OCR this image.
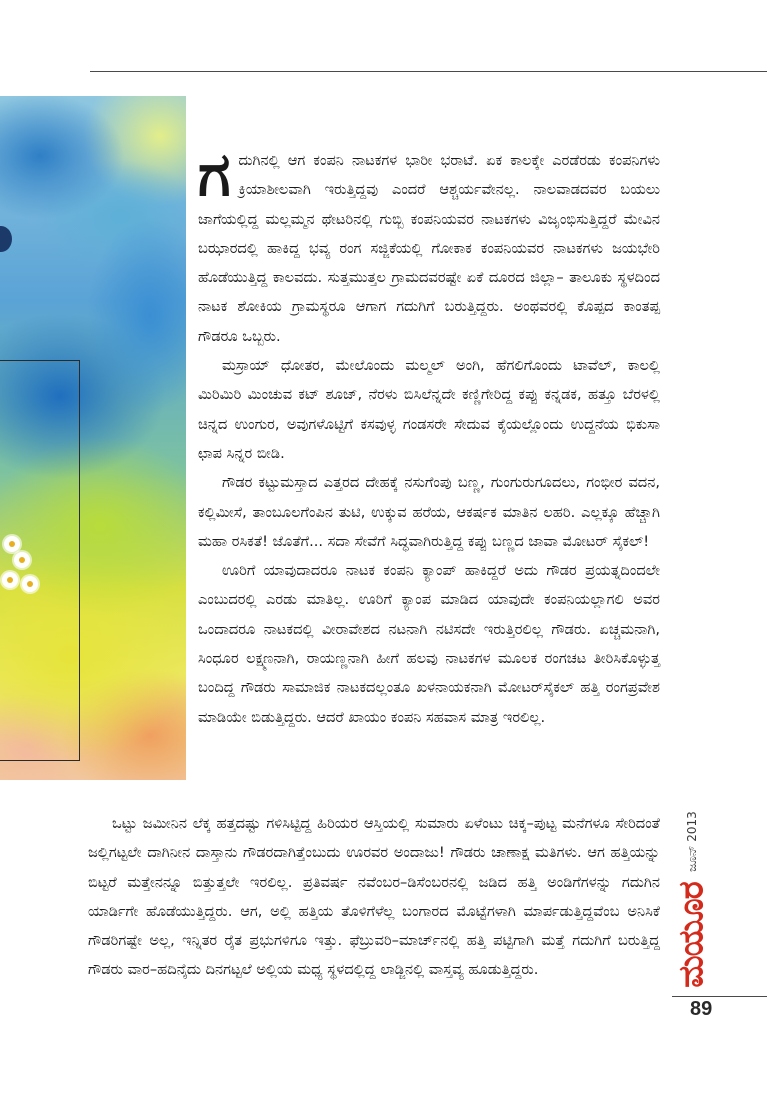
ಗದುಗಿನಲ್ಲಿ ಆಗ ಕಂಪನಿ ನಾಟಕಗಳ ಭಾರೀ ಭರಾಟೆ. ಏಕ ಕಾಲಕ್ಕೇ ಎರಡೆರಡು ಕಂಪನಿಗಳು ಕ್ರಿಯಾಶೀಲವಾಗಿ ಇರುತ್ತಿದ್ದವು ಎಂದರೆ ಆಶ್ಚರ್ಯವೇನಲ್ಲ. ನಾಲವಾಡದವರ ಬಯಲು ಜಾಗೆಯಲ್ಲಿದ್ದ ಮಲ್ಲಮ್ಮನ ಥೇಟರಿನಲ್ಲಿ ಗುಬ್ಬಿ ಕಂಪನಿಯವರ ನಾಟಕಗಳು ವಿಜೃಂಭಿಸುತ್ತಿದ್ದರೆ ಮೇವಿನ ಬಝಾರದಲ್ಲಿ ಹಾಕಿದ್ದ ಭವ್ಯ ರಂಗ ಸಜ್ಜಿಕೆಯಲ್ಲಿ ಗೋಕಾಕ ಕಂಪನಿಯವರ ನಾಟಕಗಳು ಜಯಭೇರಿ ಹೊಡೆಯುತ್ತಿದ್ದ ಕಾಲವದು. ಸುತ್ತಮುತ್ತಲ ಗ್ರಾಮದವರಷ್ಟೇ ಏಕೆ ದೂರದ ಜಿಲ್ಲಾ– ತಾಲೂಕು ಸ್ಥಳದಿಂದ ನಾಟಕ ಶೋಕಿಯ ಗ್ರಾಮಸ್ಥರೂ ಆಗಾಗ ಗದುಗಿಗೆ ಬರುತ್ತಿದ್ದರು. ಅಂಥವರಲ್ಲಿ ಕೊಪ್ಪದ ಕಾಂತಪ್ಪ ಗೌಡರೂ ಒಬ್ಬರು.

ಮಸ್ರಾಯ್ ಧೋತರ, ಮೇಲೊಂದು ಮಲ್ಮಲ್ ಅಂಗಿ, ಹೆಗಲಿಗೊಂದು ಟಾವೆಲ್, ಕಾಲಲ್ಲಿ ಮಿರಿಮಿರಿ ಮಿಂಚುವ ಕಟ್ ಶೂಜ್, ನೆರಳು ಬಿಸಿಲೆನ್ನದೇ ಕಣ್ಣಿಗೇರಿದ್ದ ಕಪ್ಪು ಕನ್ನಡಕ, ಹತ್ತೂ ಬೆರಳಲ್ಲಿ ಚಿನ್ನದ ಉಂಗುರ, ಅವುಗಳೊಟ್ಟಿಗೆ ಕಸವುಳ್ಳ ಗಂಡಸರೇ ಸೇದುವ ಕೈಯಲ್ಲೊಂದು ಉದ್ದನೆಯ ಭಿಕುಸಾ ಛಾಪ ಸಿನ್ನರ ಬೀಡಿ.

ಗೌಡರ ಕಟ್ಟುಮಸ್ತಾದ ಎತ್ತರದ ದೇಹಕ್ಕೆ ನಸುಗೆಂಪು ಬಣ್ಣ, ಗುಂಗುರುಗೂದಲು, ಗಂಭೀರ ವದನ, ಕಲ್ಲಿಮೀಸೆ, ತಾಂಬೂಲಗೆಂಪಿನ ತುಟಿ, ಉಕ್ಕುವ ಹರೆಯ, ಆಕರ್ಷಕ ಮಾತಿನ ಲಹರಿ. ಎಲ್ಲಕ್ಕೂ ಹೆಚ್ಚಾಗಿ ಮಹಾ ರಸಿಕತೆ! ಜೊತೆಗೆ... ಸದಾ ಸೇವೆಗೆ ಸಿದ್ಧವಾಗಿರುತ್ತಿದ್ದ ಕಪ್ಪು ಬಣ್ಣದ ಜಾವಾ ಮೋಟರ್ ಸೈಕಲ್!

ಊರಿಗೆ ಯಾವುದಾದರೂ ನಾಟಕ ಕಂಪನಿ ಕ್ಯಾಂಪ್ ಹಾಕಿದ್ದರೆ ಅದು ಗೌಡರ ಪ್ರಯತ್ನದಿಂದಲೇ ಎಂಬುದರಲ್ಲಿ ಎರಡು ಮಾತಿಲ್ಲ. ಊರಿಗೆ ಕ್ಯಾಂಪ ಮಾಡಿದ ಯಾವುದೇ ಕಂಪನಿಯಲ್ಲಾಗಲಿ ಅವರ ಒಂದಾದರೂ ನಾಟಕದಲ್ಲಿ ವೀರಾವೇಶದ ನಟನಾಗಿ ನಟಿಸದೇ ಇರುತ್ತಿರಲಿಲ್ಲ ಗೌಡರು. ಏಚ್ಚಮನಾಗಿ, ಸಿಂಧೂರ ಲಕ್ಷ್ಮಣನಾಗಿ, ರಾಯಣ್ಣನಾಗಿ ಹೀಗೆ ಹಲವು ನಾಟಕಗಳ ಮೂಲಕ ರಂಗಚಟ ತೀರಿಸಿಕೊಳ್ಳುತ್ತ ಬಂದಿದ್ದ ಗೌಡರು ಸಾಮಾಜಿಕ ನಾಟಕದಲ್ಲಂತೂ ಖಳನಾಯಕನಾಗಿ ಮೋಟರ್‌ಸೈಕಲ್ ಹತ್ತಿ ರಂಗಪ್ರವೇಶ ಮಾಡಿಯೇ ಬಿಡುತ್ತಿದ್ದರು. ಆದರೆ ಖಾಯಂ ಕಂಪನಿ ಸಹವಾಸ ಮಾತ್ರ ಇರಲಿಲ್ಲ.

ಒಟ್ಟು ಜಮೀನಿನ ಲೆಕ್ಕ ಹತ್ತದಷ್ಟು ಗಳಿಸಿಟ್ಟಿದ್ದ ಹಿರಿಯರ ಆಸ್ತಿಯಲ್ಲಿ ಸುಮಾರು ಏಳೆಂಟು ಚಿಕ್ಕ–ಪುಟ್ಟ ಮನೆಗಳೂ ಸೇರಿದಂತೆ ಜಲ್ಲಿಗಟ್ಟಲೇ ದಾಗಿನೀನ ದಾಸ್ತಾನು ಗೌಡರದಾಗಿತ್ತೆಂಬುದು ಊರವರ ಅಂದಾಜು! ಗೌಡರು ಚಾಣಾಕ್ಷ ಮತಿಗಳು. ಆಗ ಹತ್ತಿಯನ್ನು ಬಿಟ್ಟರೆ ಮತ್ತೇನನ್ನೂ ಬಿತ್ತುತ್ತಲೇ ಇರಲಿಲ್ಲ. ಪ್ರತಿವರ್ಷ ನವೆಂಬರ–ಡಿಸೆಂಬರನಲ್ಲಿ ಜಡಿದ ಹತ್ತಿ ಅಂಡಿಗೆಗಳನ್ನು ಗದುಗಿನ ಯಾರ್ಡಿಗೇ ಹೊಡೆಯುತ್ತಿದ್ದರು. ಆಗ, ಅಲ್ಲಿ ಹತ್ತಿಯ ತೊಳಿಗೆಳೆಲ್ಲ ಬಂಗಾರದ ಮೊಟ್ಟೆಗಳಾಗಿ ಮಾರ್ಪಡುತ್ತಿದ್ದವೆಂಬ ಅನಿಸಿಕೆ ಗೌಡರಿಗಷ್ಟೇ ಅಲ್ಲ, ಇನ್ನಿತರ ರೈತ ಪ್ರಭುಗಳಿಗೂ ಇತ್ತು. ಫೆಬ್ರುವರಿ–ಮಾರ್ಚ್‌ನಲ್ಲಿ ಹತ್ತಿ ಪಟ್ಟಿಗಾಗಿ ಮತ್ತೆ ಗದುಗಿಗೆ ಬರುತ್ತಿದ್ದ ಗೌಡರು ವಾರ–ಹದಿನೈದು ದಿನಗಟ್ಟಲೆ ಅಲ್ಲಿಯ ಮಧ್ಯ ಸ್ಥಳದಲ್ಲಿದ್ದ ಲಾಡ್ಜಿನಲ್ಲಿ ವಾಸ್ತವ್ಯ ಹೂಡುತ್ತಿದ್ದರು.

ಜೂನ್ 2013
ಮಯೂರ
89
